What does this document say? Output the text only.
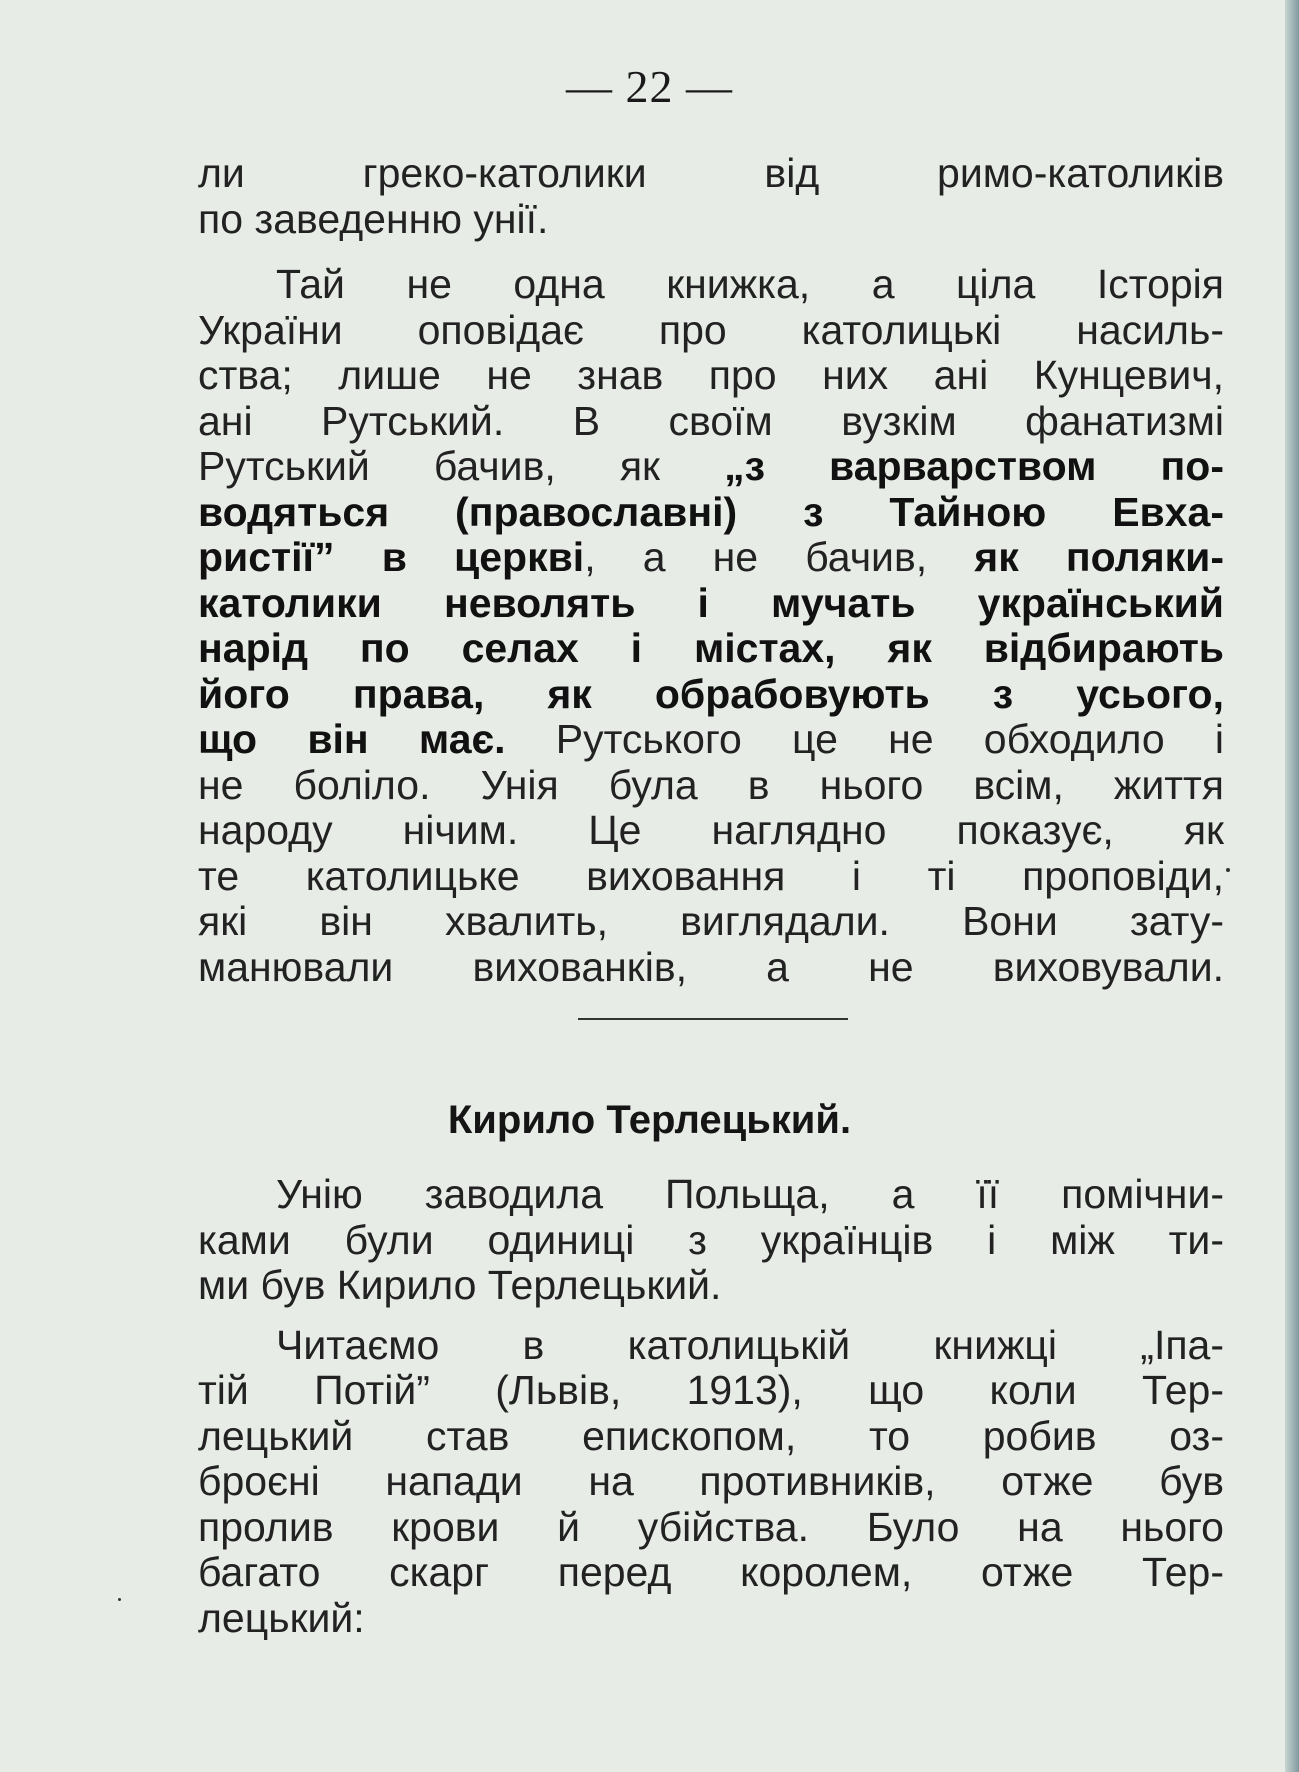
— 22 —
ли греко-католики від римо-католиків
по заведенню унії.
Тай не одна книжка, а ціла Історія
України оповідає про католицькі насиль-
ства; лише не знав про них ані Кунцевич,
ані Рутський. В своїм вузкім фанатизмі
Рутський бачив, як „з варварством по-
водяться (православні) з Тайною Евха-
ристії” в церкві, а не бачив, як поляки-
католики неволять і мучать український
нарід по селах і містах, як відбирають
його права, як обрабовують з усього,
що він має. Рутського це не обходило і
не боліло. Унія була в нього всім, життя
народу нічим. Це наглядно показує, як
те католицьке виховання і ті проповіди,
які він хвалить, виглядали. Вони зату-
манювали вихованків, а не виховували.
Кирило Терлецький.
Унію заводила Польща, а її помічни-
ками були одиниці з українців і між ти-
ми був Кирило Терлецький.
Читаємо в католицькій книжці „Іпа-
тій Потій” (Львів, 1913), що коли Тер-
лецький став епископом, то робив оз-
броєні напади на противників, отже був
пролив крови й убійства. Було на нього
багато скарг перед королем, отже Тер-
лецький:
